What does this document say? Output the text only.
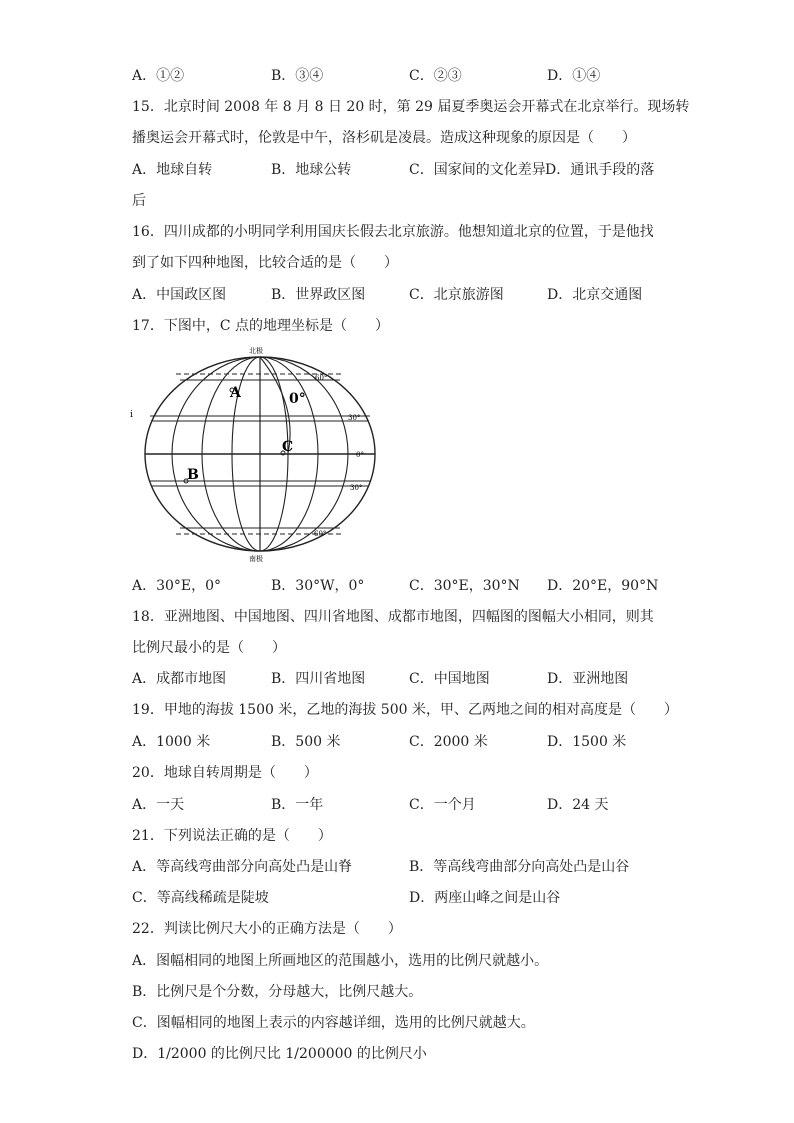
A．①②	B．③④	C．②③	D．①④
15．北京时间 2008 年 8 月 8 日 20 时，第 29 届夏季奥运会开幕式在北京举行。现场转
播奥运会开幕式时，伦敦是中午，洛杉矶是凌晨。造成这种现象的原因是（　　）
A．地球自转	B．地球公转	C．国家间的文化差异 D．通讯手段的落
后
16．四川成都的小明同学利用国庆长假去北京旅游。他想知道北京的位置，于是他找
到了如下四种地图，比较合适的是（　　）
A．中国政区图	B．世界政区图	C．北京旅游图	D．北京交通图
17．下图中，C 点的地理坐标是（　　）
北极
南极
60°
30°
0°
30°
60°
0°
i
A
B
C
A．30°E，0°	B．30°W，0°	C．30°E，30°N D．20°E，90°N
18．亚洲地图、中国地图、四川省地图、成都市地图，四幅图的图幅大小相同，则其
比例尺最小的是（　　）
A．成都市地图	B．四川省地图	C．中国地图	D．亚洲地图
19．甲地的海拔 1500 米，乙地的海拔 500 米，甲、乙两地之间的相对高度是（　　）
A．1000 米	B．500 米	C．2000 米	D．1500 米
20．地球自转周期是（　　）
A．一天	B．一年	C．一个月	D．24 天
21．下列说法正确的是（　　）
A．等高线弯曲部分向高处凸是山脊	B．等高线弯曲部分向高处凸是山谷
C．等高线稀疏是陡坡	D．两座山峰之间是山谷
22．判读比例尺大小的正确方法是（　　）
A．图幅相同的地图上所画地区的范围越小，选用的比例尺就越小。
B．比例尺是个分数，分母越大，比例尺越大。
C．图幅相同的地图上表示的内容越详细，选用的比例尺就越大。
D．1/2000 的比例尺比 1/200000 的比例尺小
